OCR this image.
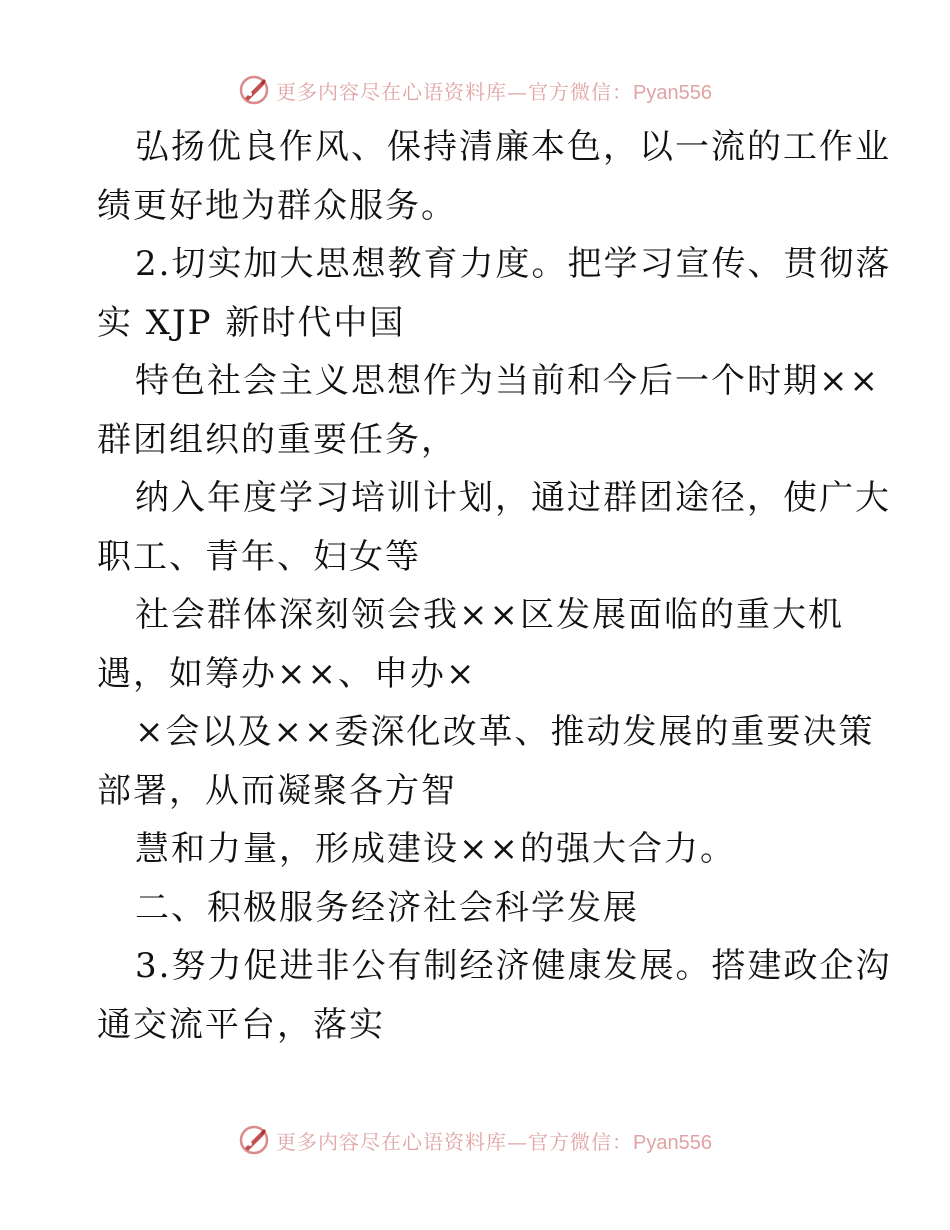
更多内容尽在心语资料库—官方微信：Pyan556
弘扬优良作风、保持清廉本色，以一流的工作业
绩更好地为群众服务。
2.切实加大思想教育力度。把学习宣传、贯彻落
实 XJP 新时代中国
特色社会主义思想作为当前和今后一个时期××
群团组织的重要任务，
纳入年度学习培训计划，通过群团途径，使广大
职工、青年、妇女等
社会群体深刻领会我××区发展面临的重大机
遇，如筹办××、申办×
×会以及××委深化改革、推动发展的重要决策
部署，从而凝聚各方智
慧和力量，形成建设××的强大合力。
二、积极服务经济社会科学发展
3.努力促进非公有制经济健康发展。搭建政企沟
通交流平台，落实
更多内容尽在心语资料库—官方微信：Pyan556
